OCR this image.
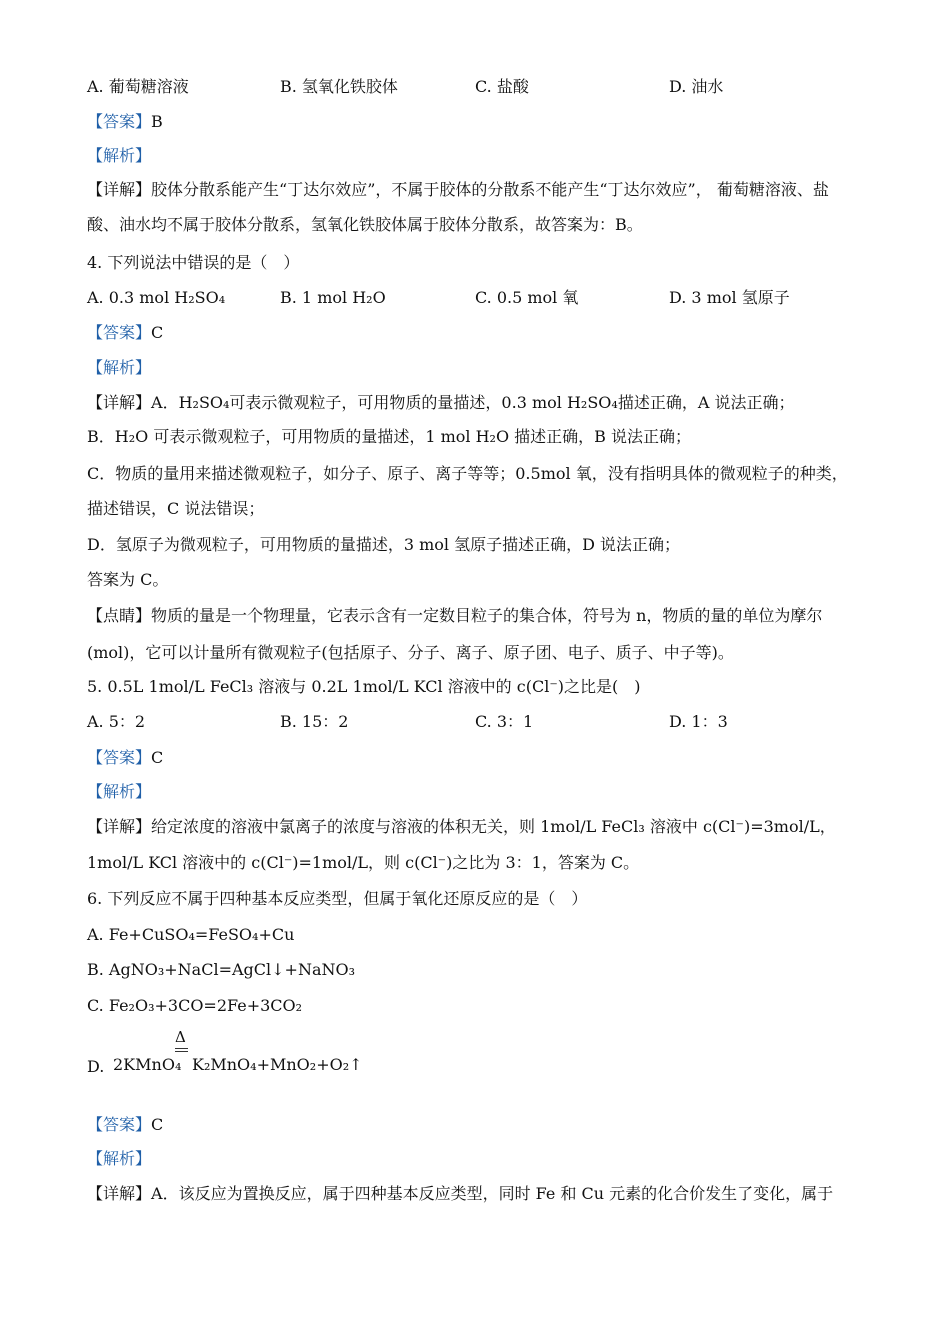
A. 葡萄糖溶液	B. 氢氧化铁胶体	C. 盐酸	D. 油水
【答案】B
【解析】
【详解】胶体分散系能产生“丁达尔效应”，不属于胶体的分散系不能产生“丁达尔效应”， 葡萄糖溶液、盐
酸、油水均不属于胶体分散系，氢氧化铁胶体属于胶体分散系，故答案为：B。
4. 下列说法中错误的是（　）
A. 0.3 mol H₂SO₄	B. 1 mol H₂O	C. 0.5 mol 氧	D. 3 mol 氢原子
【答案】C
【解析】
【详解】A．H₂SO₄可表示微观粒子，可用物质的量描述，0.3 mol H₂SO₄描述正确，A 说法正确；
B．H₂O 可表示微观粒子，可用物质的量描述，1 mol H₂O 描述正确，B 说法正确；
C．物质的量用来描述微观粒子，如分子、原子、离子等等；0.5mol 氧，没有指明具体的微观粒子的种类，
描述错误，C 说法错误；
D．氢原子为微观粒子，可用物质的量描述，3 mol 氢原子描述正确，D 说法正确；
答案为 C。
【点睛】物质的量是一个物理量，它表示含有一定数目粒子的集合体，符号为 n，物质的量的单位为摩尔
(mol)，它可以计量所有微观粒子(包括原子、分子、离子、原子团、电子、质子、中子等)。
5. 0.5L 1mol/L FeCl₃ 溶液与 0.2L 1mol/L KCl 溶液中的 c(Cl⁻)之比是(　)
A. 5：2	B. 15：2	C. 3：1	D. 1：3
【答案】C
【解析】
【详解】给定浓度的溶液中氯离子的浓度与溶液的体积无关，则 1mol/L FeCl₃ 溶液中 c(Cl⁻)=3mol/L，
1mol/L KCl 溶液中的 c(Cl⁻)=1mol/L，则 c(Cl⁻)之比为 3：1，答案为 C。
6. 下列反应不属于四种基本反应类型，但属于氧化还原反应的是（　）
A. Fe+CuSO₄=FeSO₄+Cu
B. AgNO₃+NaCl=AgCl↓+NaNO₃
C. Fe₂O₃+3CO=2Fe+3CO₂
D. 2KMnO₄
Δ
K₂MnO₄+MnO₂+O₂↑
【答案】C
【解析】
【详解】A．该反应为置换反应，属于四种基本反应类型，同时 Fe 和 Cu 元素的化合价发生了变化，属于
